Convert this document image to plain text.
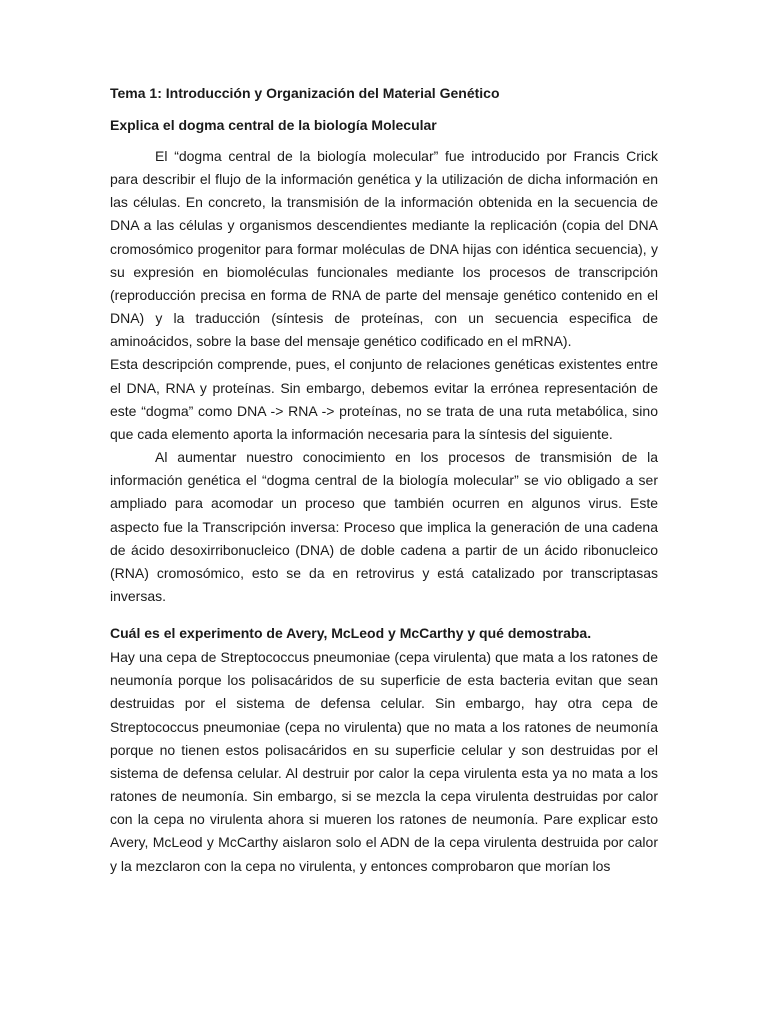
Tema 1: Introducción y Organización del Material Genético

Explica el dogma central de la biología Molecular

El “dogma central de la biología molecular” fue introducido por Francis Crick para describir el flujo de la información genética y la utilización de dicha información en las células. En concreto, la transmisión de la información obtenida en la secuencia de DNA a las células y organismos descendientes mediante la replicación (copia del DNA cromosómico progenitor para formar moléculas de DNA hijas con idéntica secuencia), y su expresión en biomoléculas funcionales mediante los procesos de transcripción (reproducción precisa en forma de RNA de parte del mensaje genético contenido en el DNA) y la traducción (síntesis de proteínas, con un secuencia especifica de aminoácidos, sobre la base del mensaje genético codificado en el mRNA).

Esta descripción comprende, pues, el conjunto de relaciones genéticas existentes entre el DNA, RNA y proteínas. Sin embargo, debemos evitar la errónea representación de este “dogma” como DNA -> RNA -> proteínas, no se trata de una ruta metabólica, sino que cada elemento aporta la información necesaria para la síntesis del siguiente.

Al aumentar nuestro conocimiento en los procesos de transmisión de la información genética el “dogma central de la biología molecular” se vio obligado a ser ampliado para acomodar un proceso que también ocurren en algunos virus. Este aspecto fue la Transcripción inversa: Proceso que implica la generación de una cadena de ácido desoxirribonucleico (DNA) de doble cadena a partir de un ácido ribonucleico (RNA) cromosómico, esto se da en retrovirus y está catalizado por transcriptasas inversas.

Cuál es el experimento de Avery, McLeod y McCarthy y qué demostraba.

Hay una cepa de Streptococcus pneumoniae (cepa virulenta) que mata a los ratones de neumonía porque los polisacáridos de su superficie de esta bacteria evitan que sean destruidas por el sistema de defensa celular. Sin embargo, hay otra cepa de Streptococcus pneumoniae (cepa no virulenta) que no mata a los ratones de neumonía porque no tienen estos polisacáridos en su superficie celular y son destruidas por el sistema de defensa celular. Al destruir por calor la cepa virulenta esta ya no mata a los ratones de neumonía. Sin embargo, si se mezcla la cepa virulenta destruidas por calor con la cepa no virulenta ahora si mueren los ratones de neumonía. Pare explicar esto Avery, McLeod y McCarthy aislaron solo el ADN de la cepa virulenta destruida por calor y la mezclaron con la cepa no virulenta, y entonces comprobaron que morían los
